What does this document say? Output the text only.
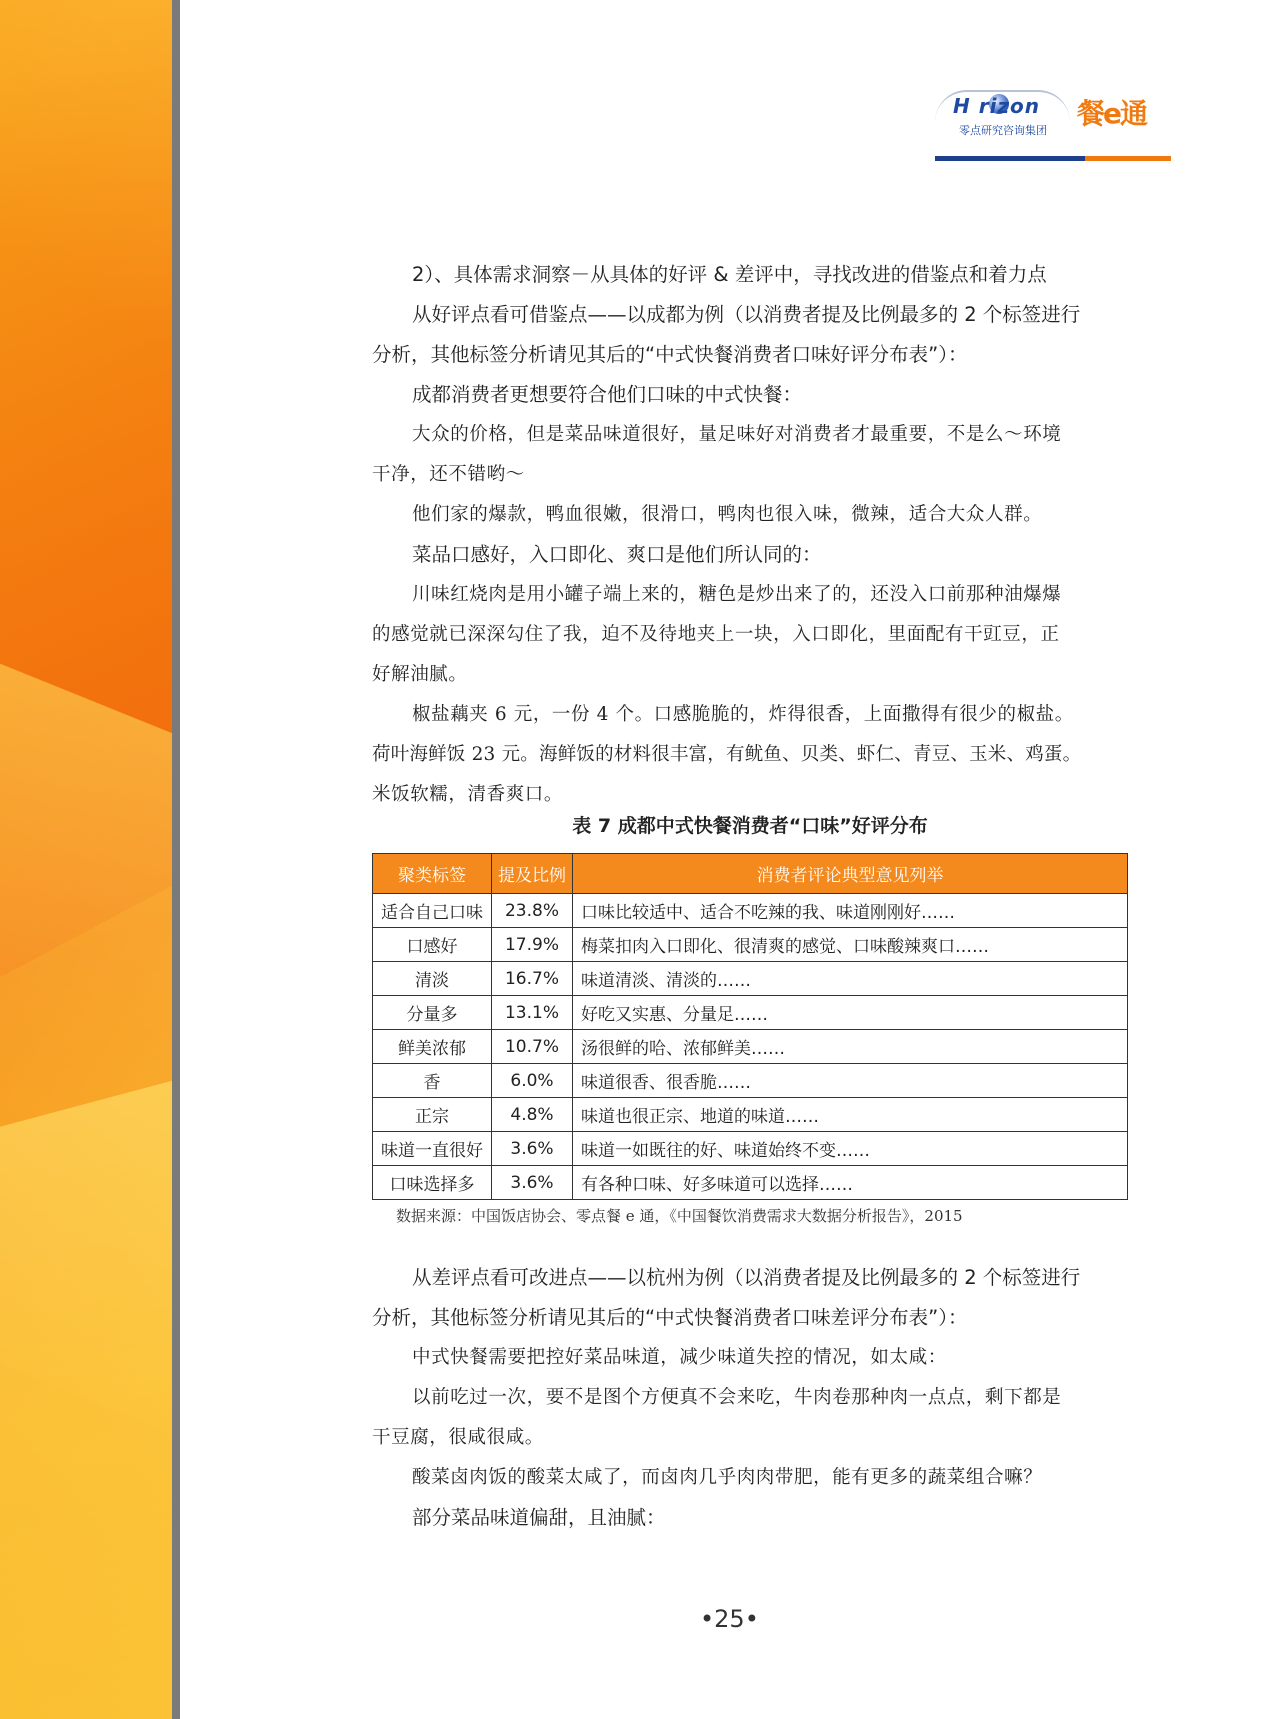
H rizon
零点研究咨询集团
餐e通
2）、具体需求洞察－从具体的好评 & 差评中，寻找改进的借鉴点和着力点
从好评点看可借鉴点——以成都为例（以消费者提及比例最多的 2 个标签进行
分析，其他标签分析请见其后的“中式快餐消费者口味好评分布表”）：
成都消费者更想要符合他们口味的中式快餐：
大众的价格，但是菜品味道很好，量足味好对消费者才最重要，不是么～环境
干净，还不错哟～
他们家的爆款，鸭血很嫩，很滑口，鸭肉也很入味，微辣，适合大众人群。
菜品口感好，入口即化、爽口是他们所认同的：
川味红烧肉是用小罐子端上来的，糖色是炒出来了的，还没入口前那种油爆爆
的感觉就已深深勾住了我，迫不及待地夹上一块，入口即化，里面配有干豇豆，正
好解油腻。
椒盐藕夹 6 元，一份 4 个。口感脆脆的，炸得很香，上面撒得有很少的椒盐。
荷叶海鲜饭 23 元。海鲜饭的材料很丰富，有鱿鱼、贝类、虾仁、青豆、玉米、鸡蛋。
米饭软糯，清香爽口。
表 7 成都中式快餐消费者“口味”好评分布
聚类标签	提及比例	消费者评论典型意见列举
适合自己口味	23.8%	口味比较适中、适合不吃辣的我、味道刚刚好……
口感好	17.9%	梅菜扣肉入口即化、很清爽的感觉、口味酸辣爽口……
清淡	16.7%	味道清淡、清淡的……
分量多	13.1%	好吃又实惠、分量足……
鲜美浓郁	10.7%	汤很鲜的哈、浓郁鲜美……
香	6.0%	味道很香、很香脆……
正宗	4.8%	味道也很正宗、地道的味道……
味道一直很好	3.6%	味道一如既往的好、味道始终不变……
口味选择多	3.6%	有各种口味、好多味道可以选择……
数据来源：中国饭店协会、零点餐 e 通，《中国餐饮消费需求大数据分析报告》，2015
从差评点看可改进点——以杭州为例（以消费者提及比例最多的 2 个标签进行
分析，其他标签分析请见其后的“中式快餐消费者口味差评分布表”）：
中式快餐需要把控好菜品味道，减少味道失控的情况，如太咸：
以前吃过一次，要不是图个方便真不会来吃，牛肉卷那种肉一点点，剩下都是
干豆腐，很咸很咸。
酸菜卤肉饭的酸菜太咸了，而卤肉几乎肉肉带肥，能有更多的蔬菜组合嘛？
部分菜品味道偏甜，且油腻：
•25•
